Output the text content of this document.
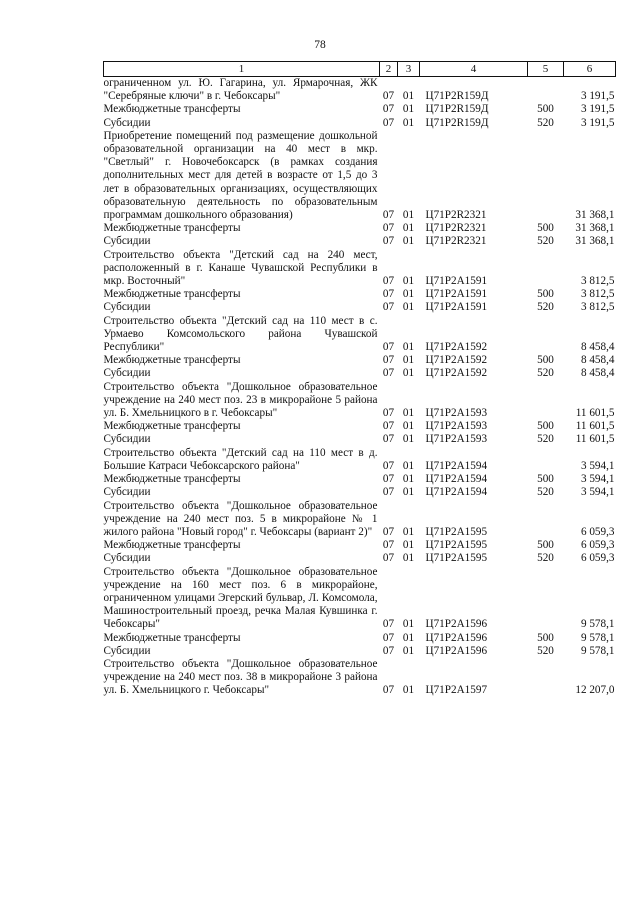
78
1	2	3	4	5	6
ограниченном ул. Ю. Гагарина, ул. Ярмарочная, ЖК "Серебряные ключи" в г. Чебоксары"	07	01	Ц71Р2R159Д		3 191,5
Межбюджетные трансферты	07	01	Ц71Р2R159Д	500	3 191,5
Субсидии	07	01	Ц71Р2R159Д	520	3 191,5
Приобретение помещений под размещение дошкольной образовательной организации на 40 мест в мкр. "Светлый" г. Новочебоксарск (в рамках создания дополнительных мест для детей в возрасте от 1,5 до 3 лет в образовательных организациях, осуществляющих образовательную деятельность по образовательным программам дошкольного образования)	07	01	Ц71Р2R2321		31 368,1
Межбюджетные трансферты	07	01	Ц71Р2R2321	500	31 368,1
Субсидии	07	01	Ц71Р2R2321	520	31 368,1
Строительство объекта "Детский сад на 240 мест, расположенный в г. Канаше Чувашской Республики в мкр. Восточный"	07	01	Ц71Р2А1591		3 812,5
Межбюджетные трансферты	07	01	Ц71Р2А1591	500	3 812,5
Субсидии	07	01	Ц71Р2А1591	520	3 812,5
Строительство объекта "Детский сад на 110 мест в с. Урмаево Комсомольского района Чувашской Республики"	07	01	Ц71Р2А1592		8 458,4
Межбюджетные трансферты	07	01	Ц71Р2А1592	500	8 458,4
Субсидии	07	01	Ц71Р2А1592	520	8 458,4
Строительство объекта "Дошкольное образовательное учреждение на 240 мест поз. 23 в микрорайоне 5 района ул. Б. Хмельницкого в г. Чебоксары"	07	01	Ц71Р2А1593		11 601,5
Межбюджетные трансферты	07	01	Ц71Р2А1593	500	11 601,5
Субсидии	07	01	Ц71Р2А1593	520	11 601,5
Строительство объекта "Детский сад на 110 мест в д. Большие Катраси Чебоксарского района"	07	01	Ц71Р2А1594		3 594,1
Межбюджетные трансферты	07	01	Ц71Р2А1594	500	3 594,1
Субсидии	07	01	Ц71Р2А1594	520	3 594,1
Строительство объекта "Дошкольное образовательное учреждение на 240 мест поз. 5 в микрорайоне № 1 жилого района "Новый город" г. Чебоксары (вариант 2)"	07	01	Ц71Р2А1595		6 059,3
Межбюджетные трансферты	07	01	Ц71Р2А1595	500	6 059,3
Субсидии	07	01	Ц71Р2А1595	520	6 059,3
Строительство объекта "Дошкольное образовательное учреждение на 160 мест поз. 6 в микрорайоне, ограниченном улицами Эгерский бульвар, Л. Комсомола, Машиностроительный проезд, речка Малая Кувшинка г. Чебоксары"	07	01	Ц71Р2А1596		9 578,1
Межбюджетные трансферты	07	01	Ц71Р2А1596	500	9 578,1
Субсидии	07	01	Ц71Р2А1596	520	9 578,1
Строительство объекта "Дошкольное образовательное учреждение на 240 мест поз. 38 в микрорайоне 3 района ул. Б. Хмельницкого г. Чебоксары"	07	01	Ц71Р2А1597		12 207,0
